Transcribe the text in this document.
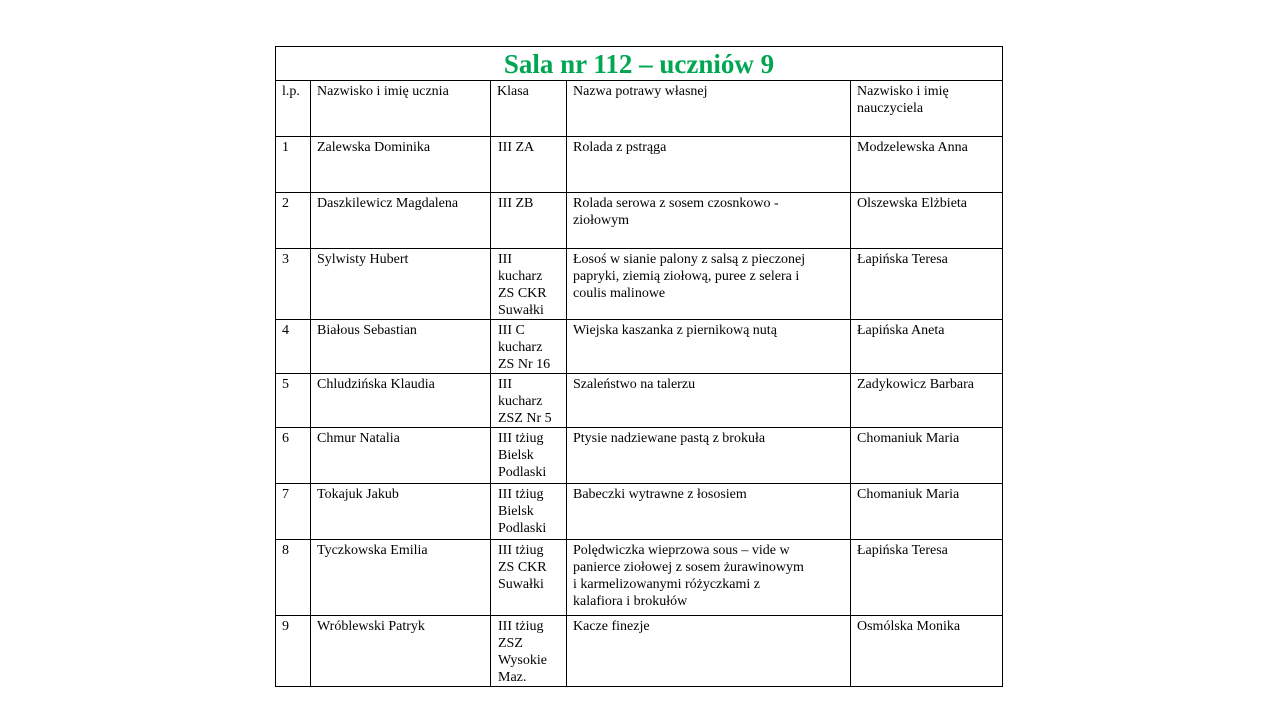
Sala nr 112 – uczniów 9				

l.p.	Nazwisko i imię ucznia	Klasa	Nazwa potrawy własnej	Nazwisko i imię
nauczyciela

1	Zalewska Dominika	III ZA	Rolada z pstrąga	Modzelewska Anna

2	Daszkilewicz Magdalena	III ZB	Rolada serowa z sosem czosnkowo -
ziołowym	Olszewska Elżbieta

3	Sylwisty Hubert	III
kucharz
ZS CKR
Suwałki	Łosoś w sianie palony z salsą z pieczonej
papryki, ziemią ziołową, puree z selera i
coulis malinowe	Łapińska Teresa

4	Białous Sebastian	III C
kucharz
ZS Nr 16	Wiejska kaszanka z piernikową nutą	Łapińska Aneta

5	Chludzińska Klaudia	III
kucharz
ZSZ Nr 5	Szaleństwo na talerzu	Zadykowicz Barbara

6	Chmur Natalia	III tżiug
Bielsk
Podlaski	Ptysie nadziewane pastą z brokuła	Chomaniuk Maria

7	Tokajuk Jakub	III tżiug
Bielsk
Podlaski	Babeczki wytrawne z łososiem	Chomaniuk Maria

8	Tyczkowska Emilia	III tżiug
ZS CKR
Suwałki	Polędwiczka wieprzowa sous – vide w
panierce ziołowej z sosem żurawinowym
i karmelizowanymi różyczkami z
kalafiora i brokułów	Łapińska Teresa

9	Wróblewski Patryk	III tżiug
ZSZ
Wysokie
Maz.	Kacze finezje	Osmólska Monika
